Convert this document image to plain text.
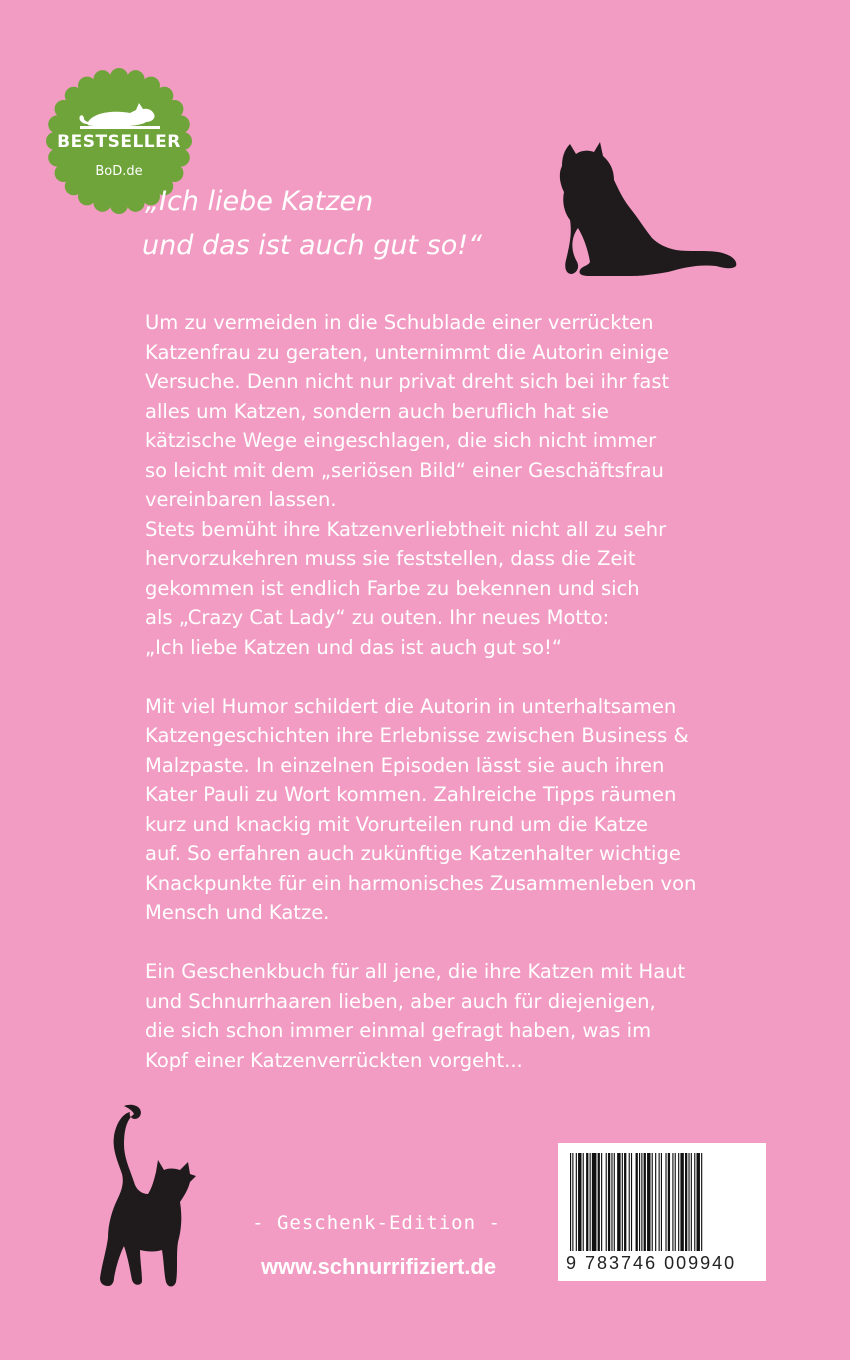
BESTSELLER
BoD.de
„Ich liebe Katzen
und das ist auch gut so!“
Um zu vermeiden in die Schublade einer verrückten
Katzenfrau zu geraten, unternimmt die Autorin einige
Versuche. Denn nicht nur privat dreht sich bei ihr fast
alles um Katzen, sondern auch beruflich hat sie
kätzische Wege eingeschlagen, die sich nicht immer
so leicht mit dem „seriösen Bild“ einer Geschäftsfrau
vereinbaren lassen.
Stets bemüht ihre Katzenverliebtheit nicht all zu sehr
hervorzukehren muss sie feststellen, dass die Zeit
gekommen ist endlich Farbe zu bekennen und sich
als „Crazy Cat Lady“ zu outen. Ihr neues Motto:
„Ich liebe Katzen und das ist auch gut so!“
Mit viel Humor schildert die Autorin in unterhaltsamen
Katzengeschichten ihre Erlebnisse zwischen Business &
Malzpaste. In einzelnen Episoden lässt sie auch ihren
Kater Pauli zu Wort kommen. Zahlreiche Tipps räumen
kurz und knackig mit Vorurteilen rund um die Katze
auf. So erfahren auch zukünftige Katzenhalter wichtige
Knackpunkte für ein harmonisches Zusammenleben von
Mensch und Katze.
Ein Geschenkbuch für all jene, die ihre Katzen mit Haut
und Schnurrhaaren lieben, aber auch für diejenigen,
die sich schon immer einmal gefragt haben, was im
Kopf einer Katzenverrückten vorgeht...
- Geschenk-Edition -
www.schnurrifiziert.de	9 783746 009940
